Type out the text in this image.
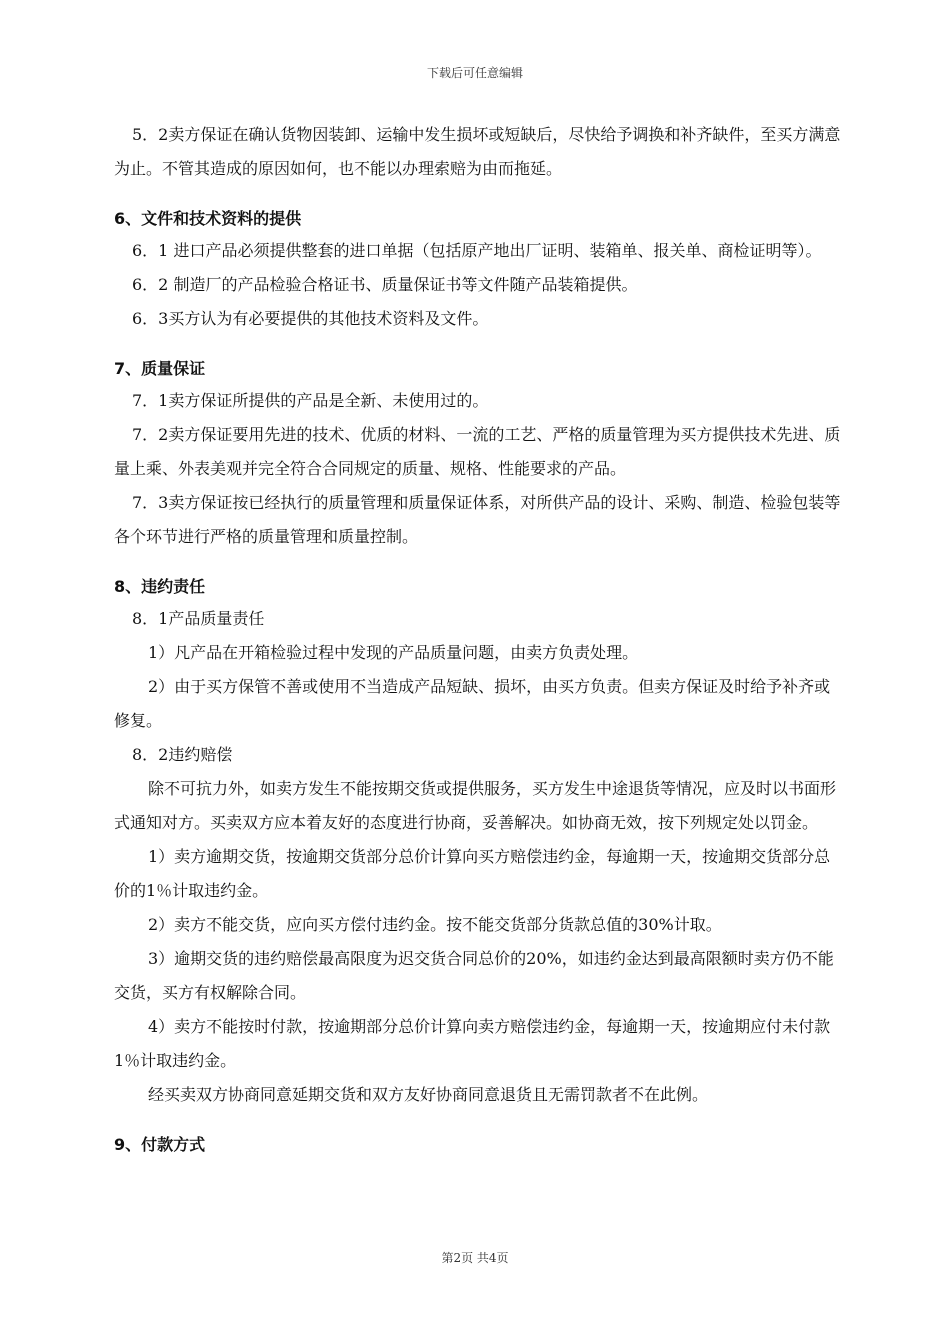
下载后可任意编辑

5．2卖方保证在确认货物因装卸、运输中发生损坏或短缺后，尽快给予调换和补齐缺件，至买方满意为止。不管其造成的原因如何，也不能以办理索赔为由而拖延。

6、文件和技术资料的提供

6．1 进口产品必须提供整套的进口单据（包括原产地出厂证明、装箱单、报关单、商检证明等）。

6．2 制造厂的产品检验合格证书、质量保证书等文件随产品装箱提供。

6．3买方认为有必要提供的其他技术资料及文件。

7、质量保证

7．1卖方保证所提供的产品是全新、未使用过的。

7．2卖方保证要用先进的技术、优质的材料、一流的工艺、严格的质量管理为买方提供技术先进、质量上乘、外表美观并完全符合合同规定的质量、规格、性能要求的产品。

7．3卖方保证按已经执行的质量管理和质量保证体系，对所供产品的设计、采购、制造、检验包装等各个环节进行严格的质量管理和质量控制。

8、违约责任

8．1产品质量责任

1）凡产品在开箱检验过程中发现的产品质量问题，由卖方负责处理。

2）由于买方保管不善或使用不当造成产品短缺、损坏，由买方负责。但卖方保证及时给予补齐或修复。

8．2违约赔偿

除不可抗力外，如卖方发生不能按期交货或提供服务，买方发生中途退货等情况，应及时以书面形式通知对方。买卖双方应本着友好的态度进行协商，妥善解决。如协商无效，按下列规定处以罚金。

1）卖方逾期交货，按逾期交货部分总价计算向买方赔偿违约金，每逾期一天，按逾期交货部分总价的1％计取违约金。

2）卖方不能交货，应向买方偿付违约金。按不能交货部分货款总值的30%计取。

3）逾期交货的违约赔偿最高限度为迟交货合同总价的20%，如违约金达到最高限额时卖方仍不能交货，买方有权解除合同。

4）卖方不能按时付款，按逾期部分总价计算向卖方赔偿违约金，每逾期一天，按逾期应付未付款1％计取违约金。

经买卖双方协商同意延期交货和双方友好协商同意退货且无需罚款者不在此例。

9、付款方式

第2页 共4页
